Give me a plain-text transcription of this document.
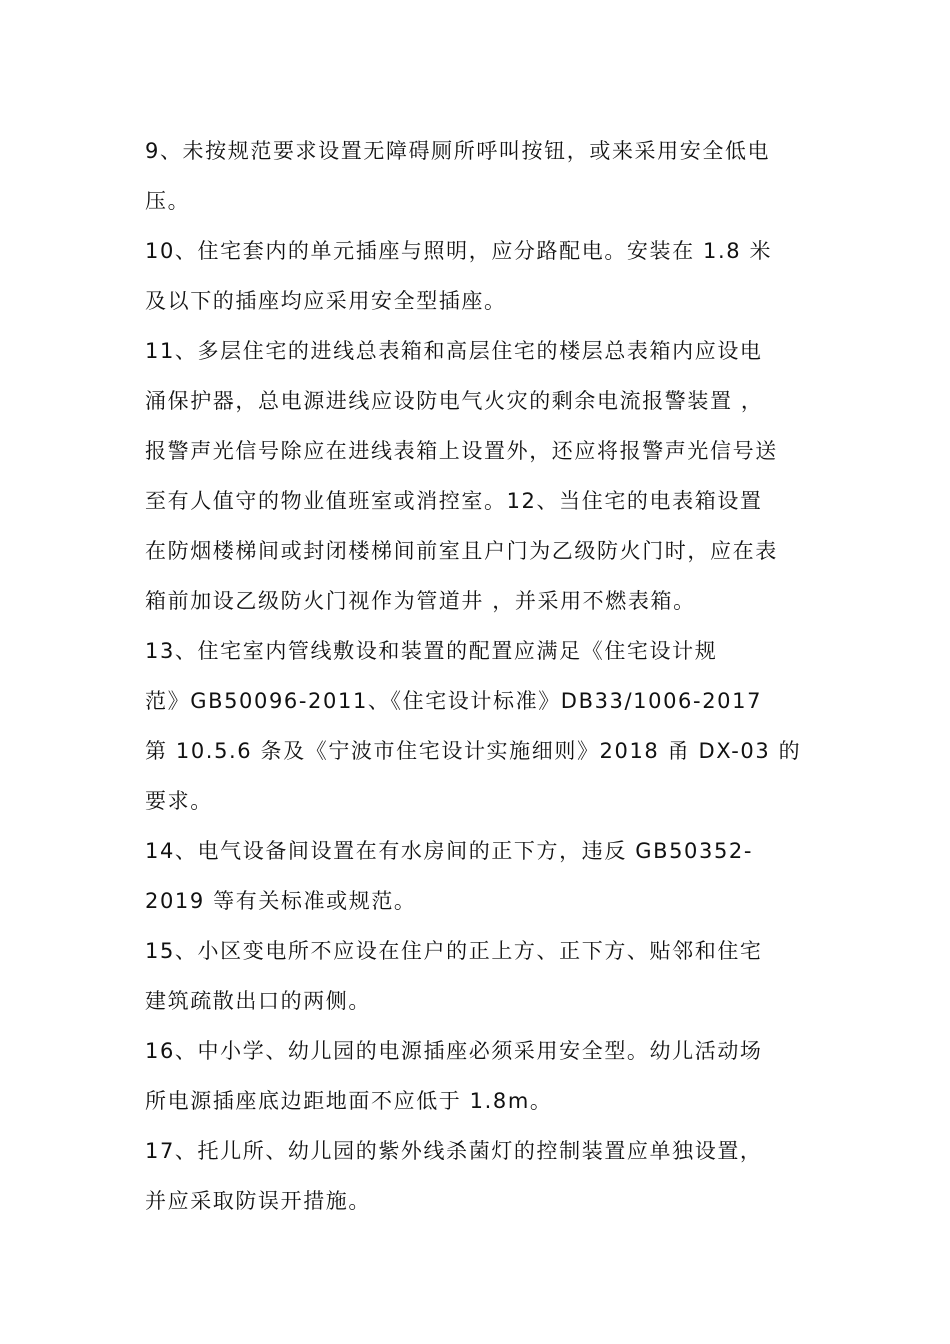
9、未按规范要求设置无障碍厕所呼叫按钮，或来采用安全低电
压。
10、住宅套内的单元插座与照明，应分路配电。安装在 1.8 米
及以下的插座均应采用安全型插座。
11、多层住宅的进线总表箱和高层住宅的楼层总表箱内应设电
涌保护器，总电源进线应设防电气火灾的剩余电流报警装置 ，
报警声光信号除应在进线表箱上设置外，还应将报警声光信号送
至有人值守的物业值班室或消控室。12、当住宅的电表箱设置
在防烟楼梯间或封闭楼梯间前室且户门为乙级防火门时，应在表
箱前加设乙级防火门视作为管道井 ，并采用不燃表箱。
13、住宅室内管线敷设和装置的配置应满足《住宅设计规
范》GB50096-2011、《住宅设计标准》DB33/1006-2017
第 10.5.6 条及《宁波市住宅设计实施细则》2018 甬 DX-03 的
要求。
14、电气设备间设置在有水房间的正下方，违反 GB50352-
2019 等有关标准或规范。
15、小区变电所不应设在住户的正上方、正下方、贴邻和住宅
建筑疏散出口的两侧。
16、中小学、幼儿园的电源插座必须采用安全型。幼儿活动场
所电源插座底边距地面不应低于 1.8m。
17、托儿所、幼儿园的紫外线杀菌灯的控制装置应单独设置，
并应采取防误开措施。
